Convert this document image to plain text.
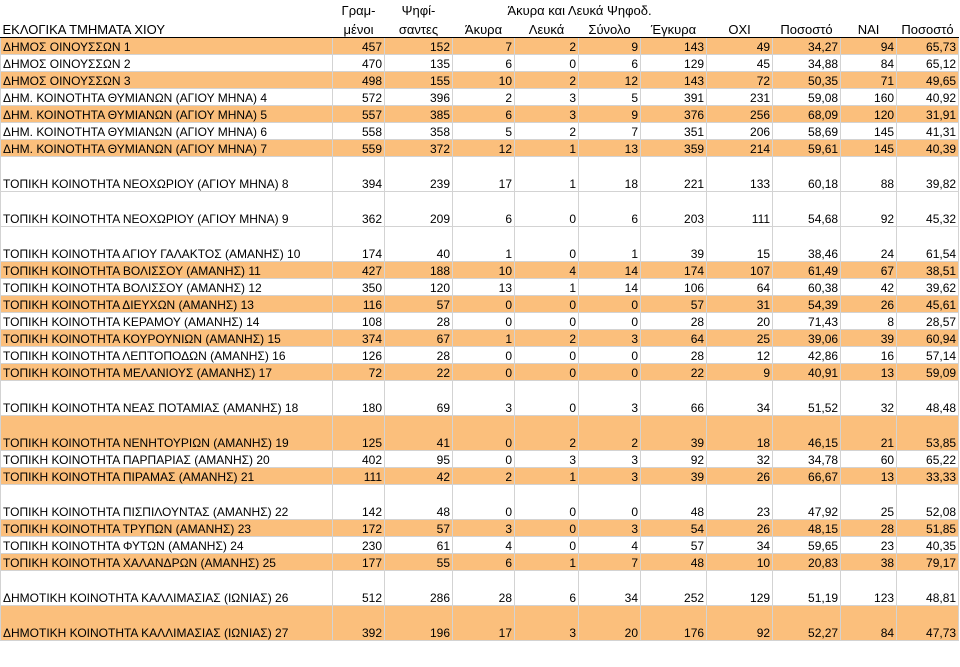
	Γραμ-	Ψηφί-	Άκυρα και Λευκά Ψηφοδ.							
ΕΚΛΟΓΙΚΑ ΤΜΗΜΑΤΑ ΧΙΟΥ	μένοι	σαντες	Άκυρα	Λευκά	Σύνολο	Έγκυρα	ΟΧΙ	Ποσοστό	ΝΑΙ	Ποσοστό
ΔΗΜΟΣ ΟΙΝΟΥΣΣΩΝ 1	457	152	7	2	9	143	49	34,27	94	65,73
ΔΗΜΟΣ ΟΙΝΟΥΣΣΩΝ 2	470	135	6	0	6	129	45	34,88	84	65,12
ΔΗΜΟΣ ΟΙΝΟΥΣΣΩΝ 3	498	155	10	2	12	143	72	50,35	71	49,65
ΔΗΜ. ΚΟΙΝΟΤΗΤΑ ΘΥΜΙΑΝΩΝ (ΑΓΙΟΥ ΜΗΝΑ) 4	572	396	2	3	5	391	231	59,08	160	40,92
ΔΗΜ. ΚΟΙΝΟΤΗΤΑ ΘΥΜΙΑΝΩΝ (ΑΓΙΟΥ ΜΗΝΑ) 5	557	385	6	3	9	376	256	68,09	120	31,91
ΔΗΜ. ΚΟΙΝΟΤΗΤΑ ΘΥΜΙΑΝΩΝ (ΑΓΙΟΥ ΜΗΝΑ) 6	558	358	5	2	7	351	206	58,69	145	41,31
ΔΗΜ. ΚΟΙΝΟΤΗΤΑ ΘΥΜΙΑΝΩΝ (ΑΓΙΟΥ ΜΗΝΑ) 7	559	372	12	1	13	359	214	59,61	145	40,39
ΤΟΠΙΚΗ ΚΟΙΝΟΤΗΤΑ ΝΕΟΧΩΡΙΟΥ (ΑΓΙΟΥ ΜΗΝΑ) 8	394	239	17	1	18	221	133	60,18	88	39,82
ΤΟΠΙΚΗ ΚΟΙΝΟΤΗΤΑ ΝΕΟΧΩΡΙΟΥ (ΑΓΙΟΥ ΜΗΝΑ) 9	362	209	6	0	6	203	111	54,68	92	45,32
ΤΟΠΙΚΗ ΚΟΙΝΟΤΗΤΑ ΑΓΙΟΥ ΓΑΛΑΚΤΟΣ (ΑΜΑΝΗΣ) 10	174	40	1	0	1	39	15	38,46	24	61,54
ΤΟΠΙΚΗ ΚΟΙΝΟΤΗΤΑ ΒΟΛΙΣΣΟΥ (ΑΜΑΝΗΣ) 11	427	188	10	4	14	174	107	61,49	67	38,51
ΤΟΠΙΚΗ ΚΟΙΝΟΤΗΤΑ ΒΟΛΙΣΣΟΥ (ΑΜΑΝΗΣ) 12	350	120	13	1	14	106	64	60,38	42	39,62
ΤΟΠΙΚΗ ΚΟΙΝΟΤΗΤΑ ΔΙΕΥΧΩΝ (ΑΜΑΝΗΣ) 13	116	57	0	0	0	57	31	54,39	26	45,61
ΤΟΠΙΚΗ ΚΟΙΝΟΤΗΤΑ ΚΕΡΑΜΟΥ (ΑΜΑΝΗΣ) 14	108	28	0	0	0	28	20	71,43	8	28,57
ΤΟΠΙΚΗ ΚΟΙΝΟΤΗΤΑ ΚΟΥΡΟΥΝΙΩΝ (ΑΜΑΝΗΣ) 15	374	67	1	2	3	64	25	39,06	39	60,94
ΤΟΠΙΚΗ ΚΟΙΝΟΤΗΤΑ ΛΕΠΤΟΠΟΔΩΝ (ΑΜΑΝΗΣ) 16	126	28	0	0	0	28	12	42,86	16	57,14
ΤΟΠΙΚΗ ΚΟΙΝΟΤΗΤΑ ΜΕΛΑΝΙΟΥΣ (ΑΜΑΝΗΣ) 17	72	22	0	0	0	22	9	40,91	13	59,09
ΤΟΠΙΚΗ ΚΟΙΝΟΤΗΤΑ ΝΕΑΣ ΠΟΤΑΜΙΑΣ (ΑΜΑΝΗΣ) 18	180	69	3	0	3	66	34	51,52	32	48,48
ΤΟΠΙΚΗ ΚΟΙΝΟΤΗΤΑ ΝΕΝΗΤΟΥΡΙΩΝ (ΑΜΑΝΗΣ) 19	125	41	0	2	2	39	18	46,15	21	53,85
ΤΟΠΙΚΗ ΚΟΙΝΟΤΗΤΑ ΠΑΡΠΑΡΙΑΣ (ΑΜΑΝΗΣ) 20	402	95	0	3	3	92	32	34,78	60	65,22
ΤΟΠΙΚΗ ΚΟΙΝΟΤΗΤΑ ΠΙΡΑΜΑΣ (ΑΜΑΝΗΣ) 21	111	42	2	1	3	39	26	66,67	13	33,33
ΤΟΠΙΚΗ ΚΟΙΝΟΤΗΤΑ ΠΙΣΠΙΛΟΥΝΤΑΣ (ΑΜΑΝΗΣ) 22	142	48	0	0	0	48	23	47,92	25	52,08
ΤΟΠΙΚΗ ΚΟΙΝΟΤΗΤΑ ΤΡΥΠΩΝ (ΑΜΑΝΗΣ) 23	172	57	3	0	3	54	26	48,15	28	51,85
ΤΟΠΙΚΗ ΚΟΙΝΟΤΗΤΑ ΦΥΤΩΝ (ΑΜΑΝΗΣ) 24	230	61	4	0	4	57	34	59,65	23	40,35
ΤΟΠΙΚΗ ΚΟΙΝΟΤΗΤΑ ΧΑΛΑΝΔΡΩΝ (ΑΜΑΝΗΣ) 25	177	55	6	1	7	48	10	20,83	38	79,17
ΔΗΜΟΤΙΚΗ ΚΟΙΝΟΤΗΤΑ ΚΑΛΛΙΜΑΣΙΑΣ (ΙΩΝΙΑΣ) 26	512	286	28	6	34	252	129	51,19	123	48,81
ΔΗΜΟΤΙΚΗ ΚΟΙΝΟΤΗΤΑ ΚΑΛΛΙΜΑΣΙΑΣ (ΙΩΝΙΑΣ) 27	392	196	17	3	20	176	92	52,27	84	47,73
